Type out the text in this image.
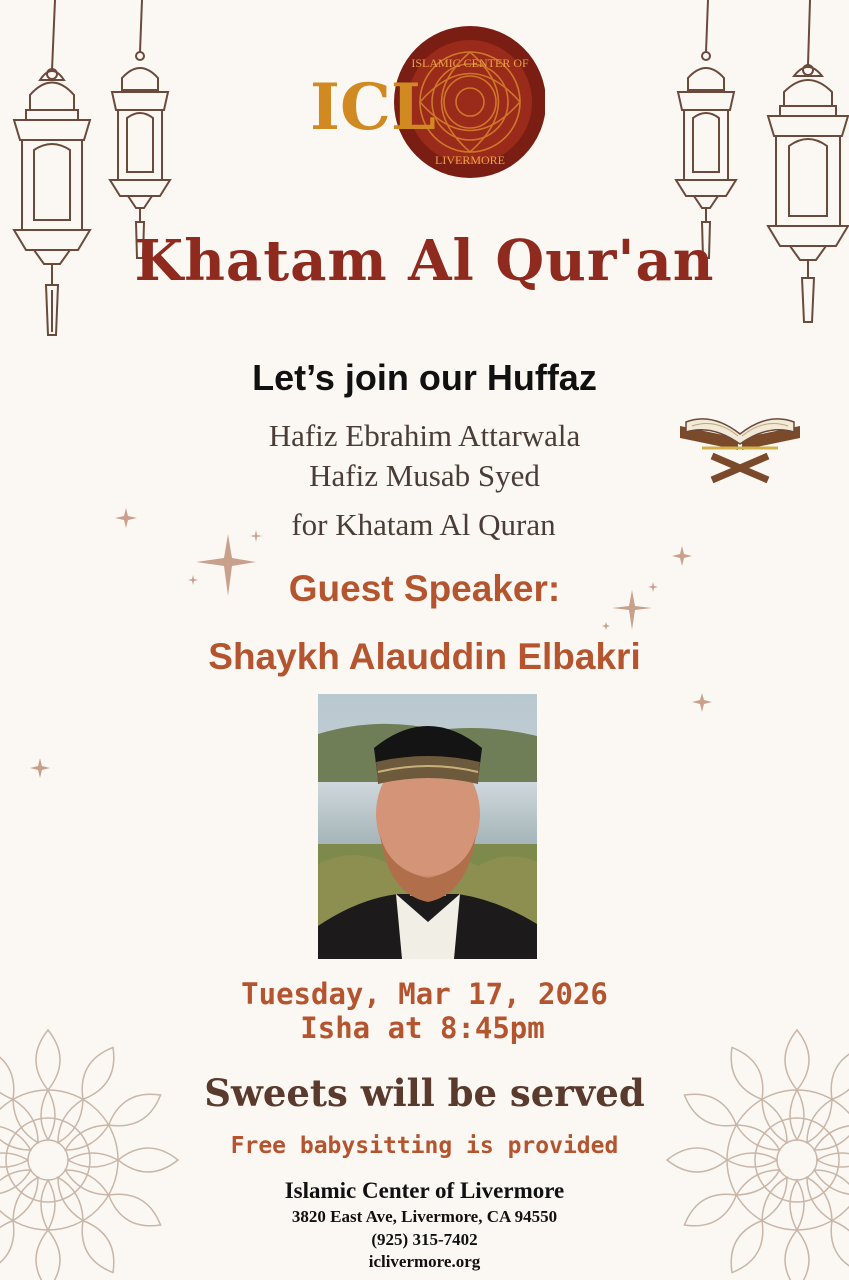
ISLAMIC CENTER OF
LIVERMORE
ICL
Khatam Al Qur'an
Let’s join our Huffaz
Hafiz Ebrahim Attarwala
Hafiz Musab Syed
for Khatam Al Quran
Guest Speaker:
Shaykh Alauddin Elbakri
Tuesday, Mar 17, 2026
Isha at 8:45pm
Sweets will be served
Free babysitting is provided
Islamic Center of Livermore
3820 East Ave, Livermore, CA 94550
(925) 315-7402
iclivermore.org
